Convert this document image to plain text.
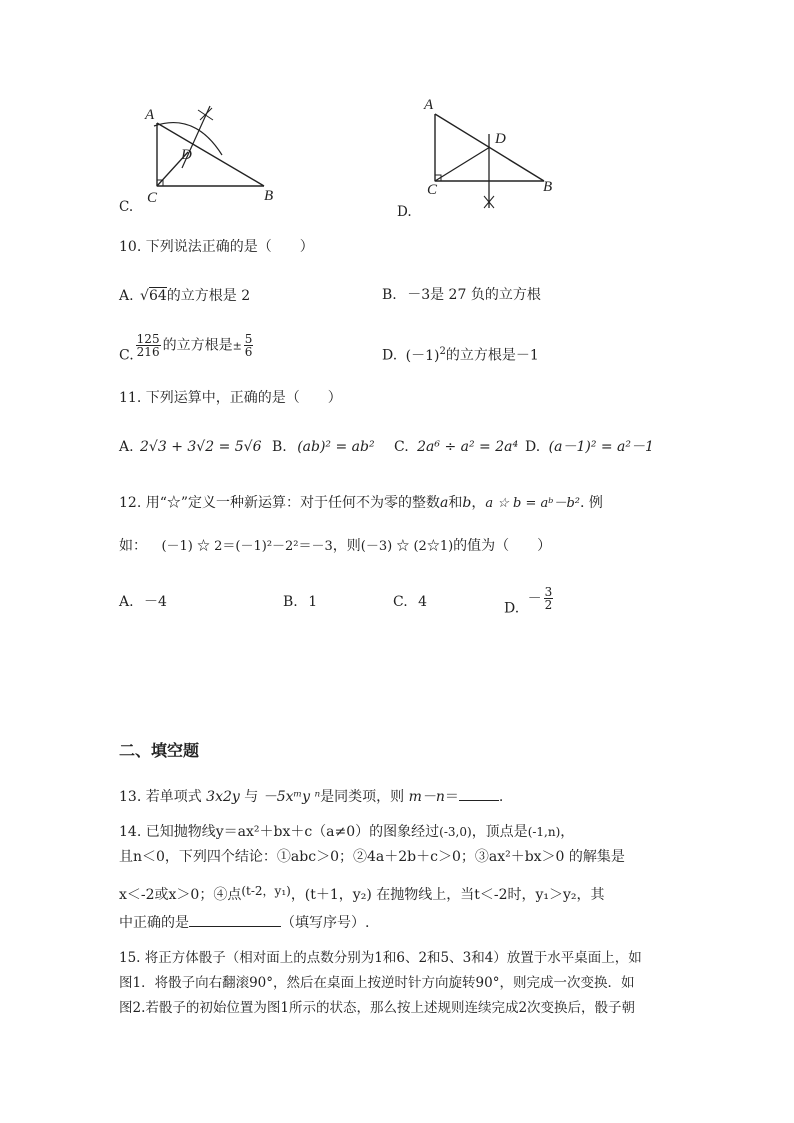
A
D
C	B
C.
A
D
C	B
D.
10. 下列说法正确的是（　　）
A. √64的立方根是 2	B. －3是 27 负的立方根
C. $\frac{125}{216}$ 的立方根是± $\frac{5}{6}$	D. $(-1)^2$的立方根是－1
11. 下列运算中，正确的是（　　）
A. 2√3 + 3√2 = 5√6 B. (ab)² = ab² C. 2a⁶ ÷ a² = 2a⁴ D. (a－1)² = a²－1
12. 用“☆”定义一种新运算：对于任何不为零的整数a和b，a ☆ b = aᵇ－b². 例
如： (－1) ☆ 2＝(－1)²－2²＝－3，则(－3) ☆ (2☆1)的值为（　　）
A. －4	B. 1	C. 4	D. － $\frac{3}{2}$
二、填空题
13. 若单项式 3x2y 与 －5xᵐy ⁿ是同类项，则 m－n＝	.
14. 已知抛物线y＝ax²＋bx＋c（a≠0）的图象经过(-3,0)，顶点是(-1,n)，
且n＜0，下列四个结论：①abc＞0；②4a＋2b＋c＞0；③ax²＋bx＞0 的解集是
x＜-2或x＞0；④点(t-2，y₁)，(t＋1，y₂) 在抛物线上，当t＜-2时，y₁＞y₂，其
中正确的是	（填写序号）.
15. 将正方体骰子（相对面上的点数分别为1和6、2和5、3和4）放置于水平桌面上，如
图1．将骰子向右翻滚90°，然后在桌面上按逆时针方向旋转90°，则完成一次变换．如
图2.若骰子的初始位置为图1所示的状态，那么按上述规则连续完成2次变换后，骰子朝
